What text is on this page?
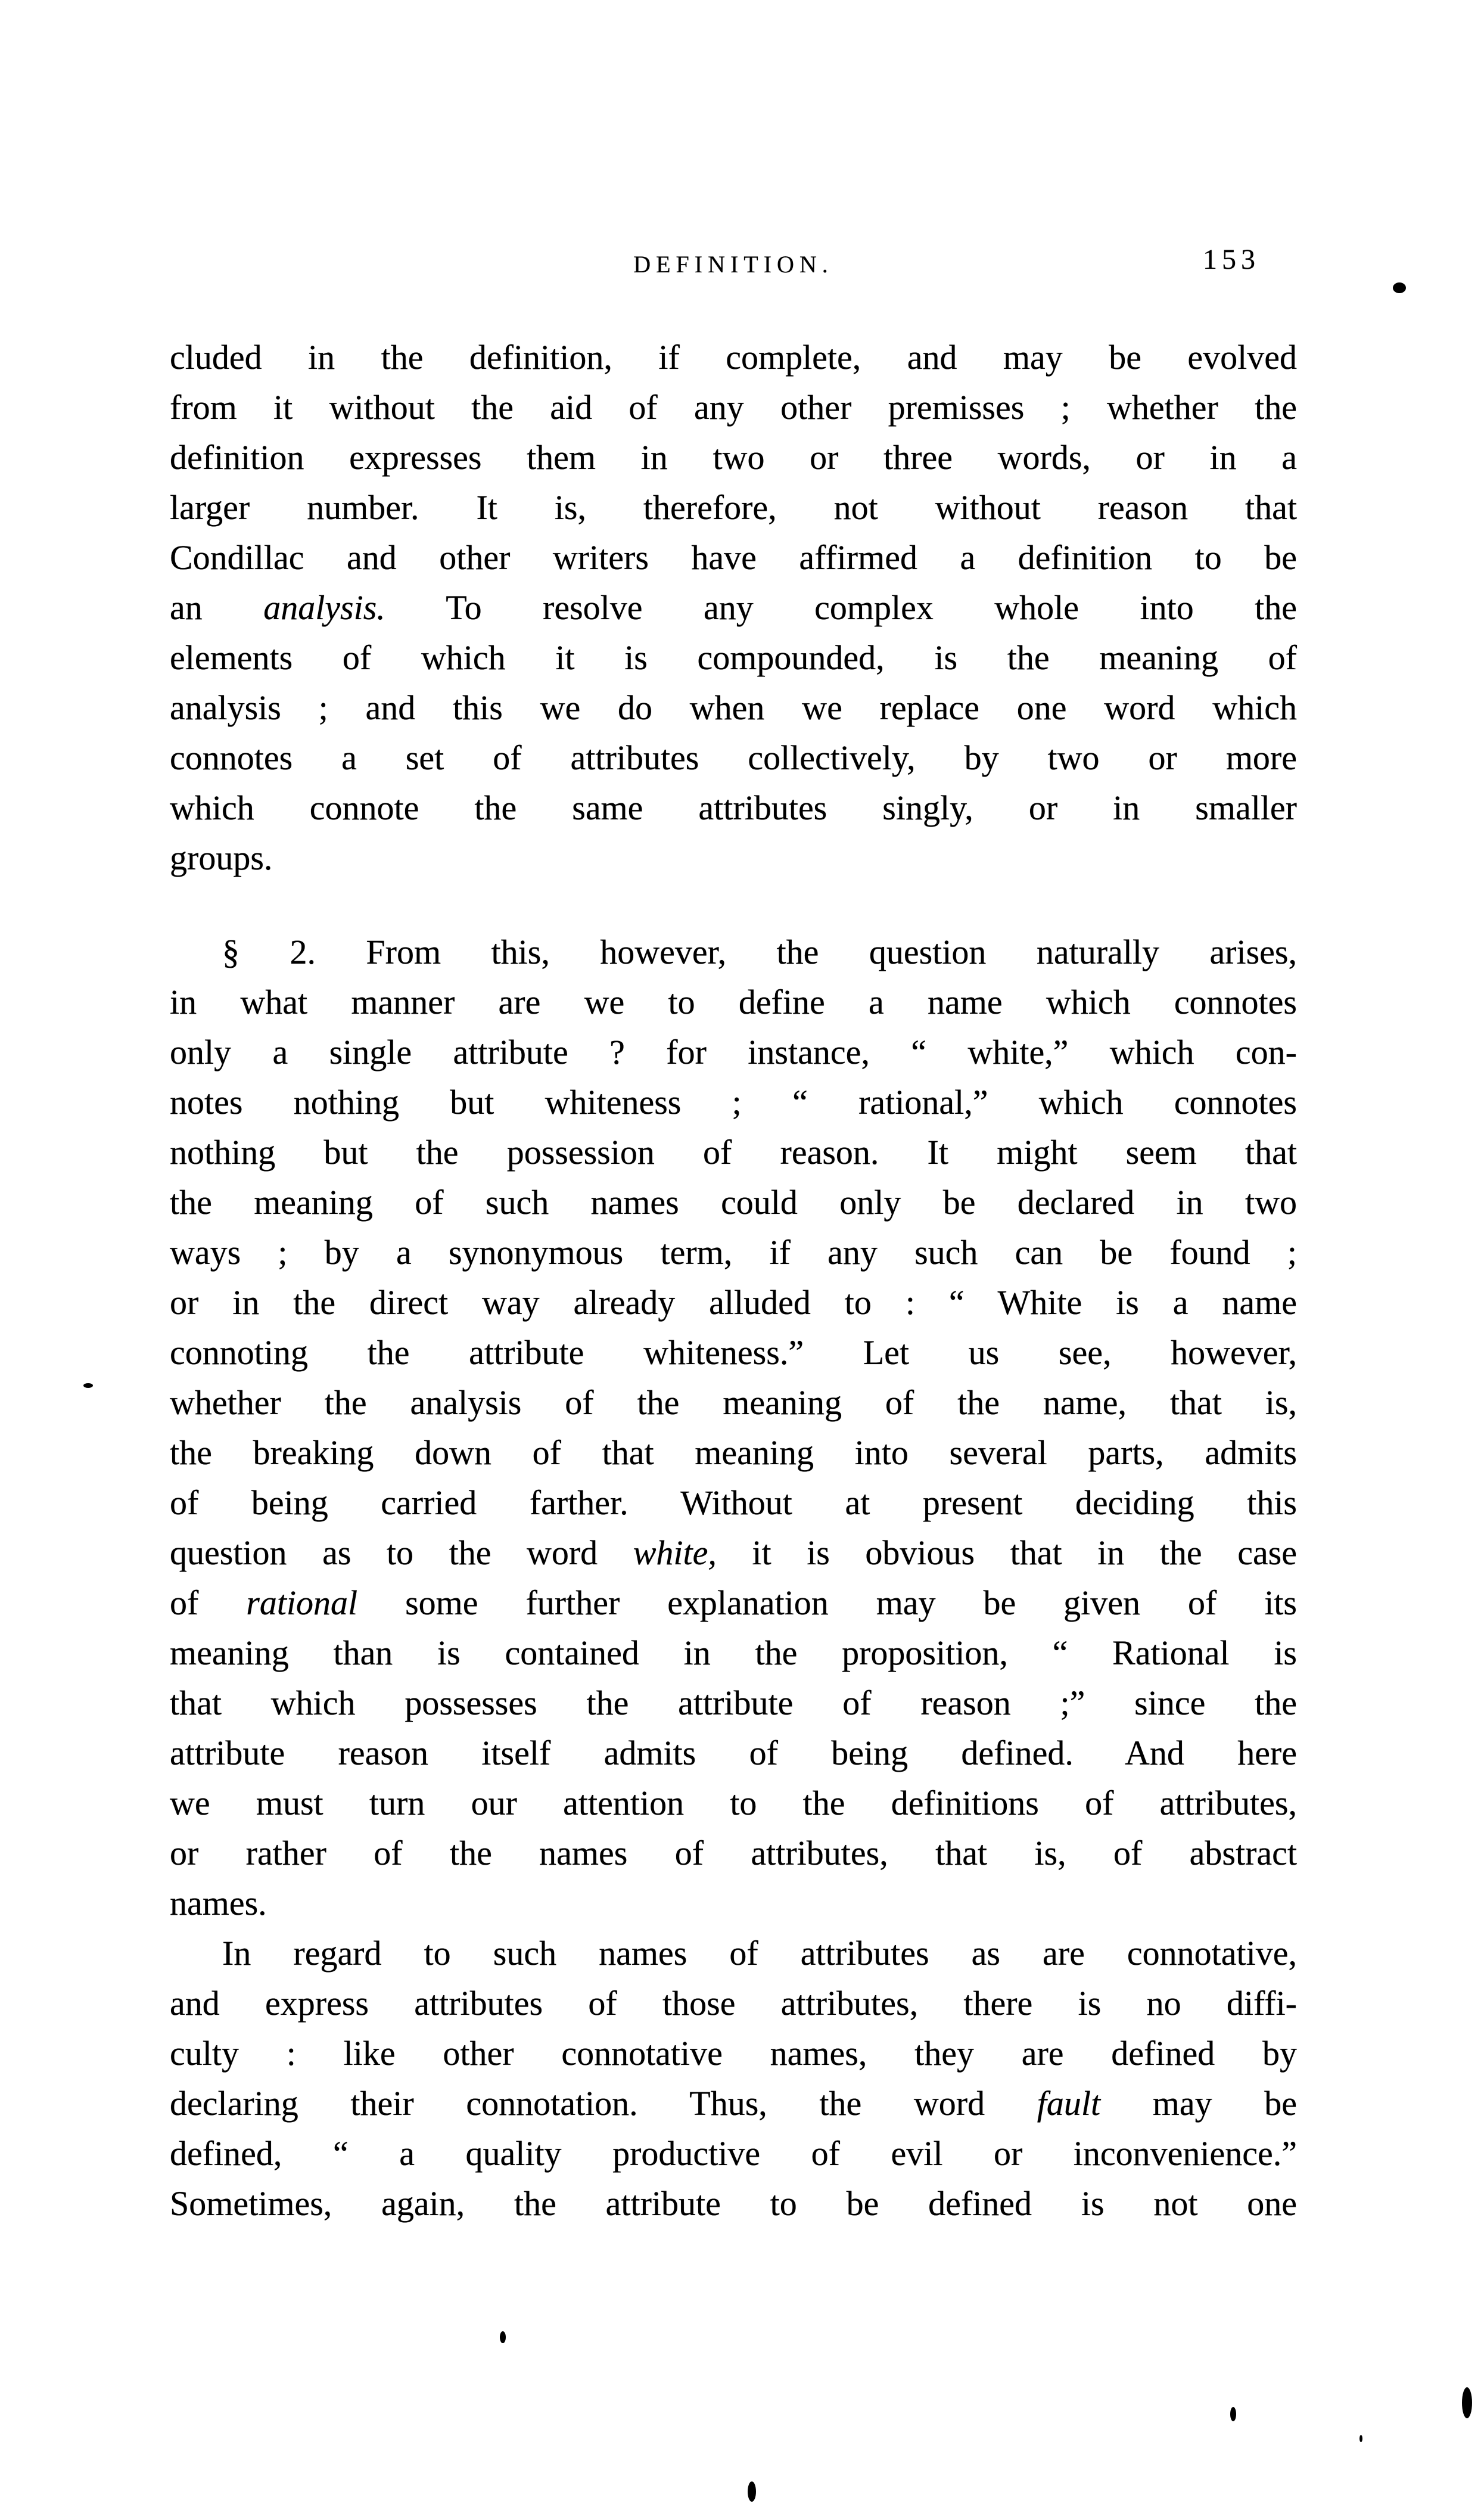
DEFINITION.	153
cluded in the definition, if complete, and may be evolved
from it without the aid of any other premisses ; whether the
definition expresses them in two or three words, or in a
larger number. It is, therefore, not without reason that
Condillac and other writers have affirmed a definition to be
an analysis. To resolve any complex whole into the
elements of which it is compounded, is the meaning of
analysis ; and this we do when we replace one word which
connotes a set of attributes collectively, by two or more
which connote the same attributes singly, or in smaller
groups.
§ 2. From this, however, the question naturally arises,
in what manner are we to define a name which connotes
only a single attribute ? for instance, “ white,” which con-
notes nothing but whiteness ; “ rational,” which connotes
nothing but the possession of reason. It might seem that
the meaning of such names could only be declared in two
ways ; by a synonymous term, if any such can be found ;
or in the direct way already alluded to : “ White is a name
connoting the attribute whiteness.” Let us see, however,
whether the analysis of the meaning of the name, that is,
the breaking down of that meaning into several parts, admits
of being carried farther. Without at present deciding this
question as to the word white, it is obvious that in the case
of rational some further explanation may be given of its
meaning than is contained in the proposition, “ Rational is
that which possesses the attribute of reason ;” since the
attribute reason itself admits of being defined. And here
we must turn our attention to the definitions of attributes,
or rather of the names of attributes, that is, of abstract
names.
In regard to such names of attributes as are connotative,
and express attributes of those attributes, there is no diffi-
culty : like other connotative names, they are defined by
declaring their connotation. Thus, the word fault may be
defined, “ a quality productive of evil or inconvenience.”
Sometimes, again, the attribute to be defined is not one
